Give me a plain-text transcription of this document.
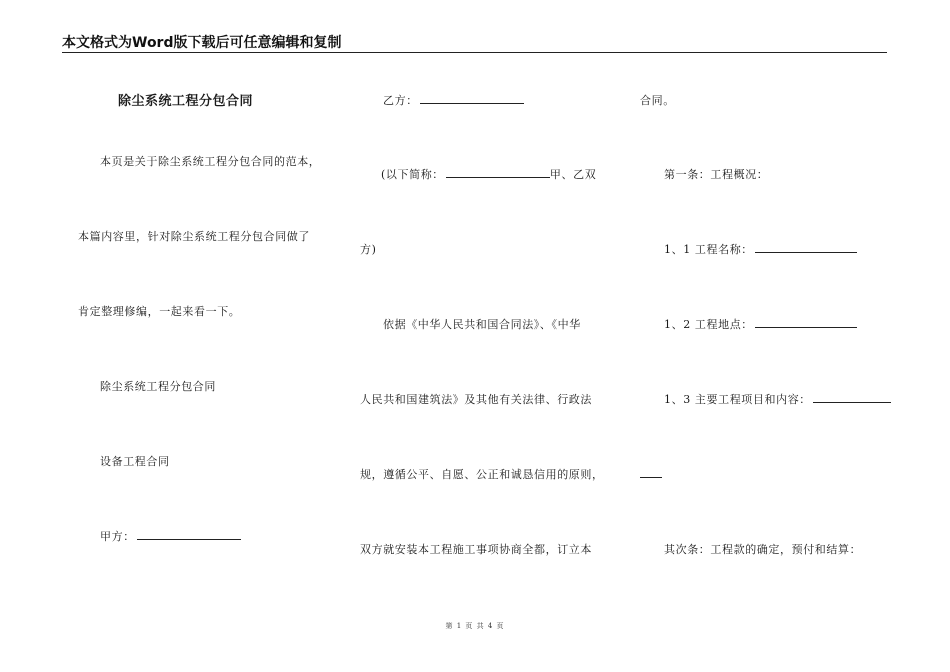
本文格式为Word版下载后可任意编辑和复制
除尘系统工程分包合同
本页是关于除尘系统工程分包合同的范本，
本篇内容里，针对除尘系统工程分包合同做了
肯定整理修编，一起来看一下。
除尘系统工程分包合同
设备工程合同
甲方：
乙方：
(以下简称：	甲、乙双
方)
依据《中华人民共和国合同法》、《中华
人民共和国建筑法》及其他有关法律、行政法
规，遵循公平、自愿、公正和诚恳信用的原则，
双方就安装本工程施工事项协商全都，订立本
合同。
第一条：工程概况：
1、1 工程名称：
1、2 工程地点：
1、3 主要工程项目和内容：
其次条：工程款的确定，预付和结算：
第 1 页 共 4 页
